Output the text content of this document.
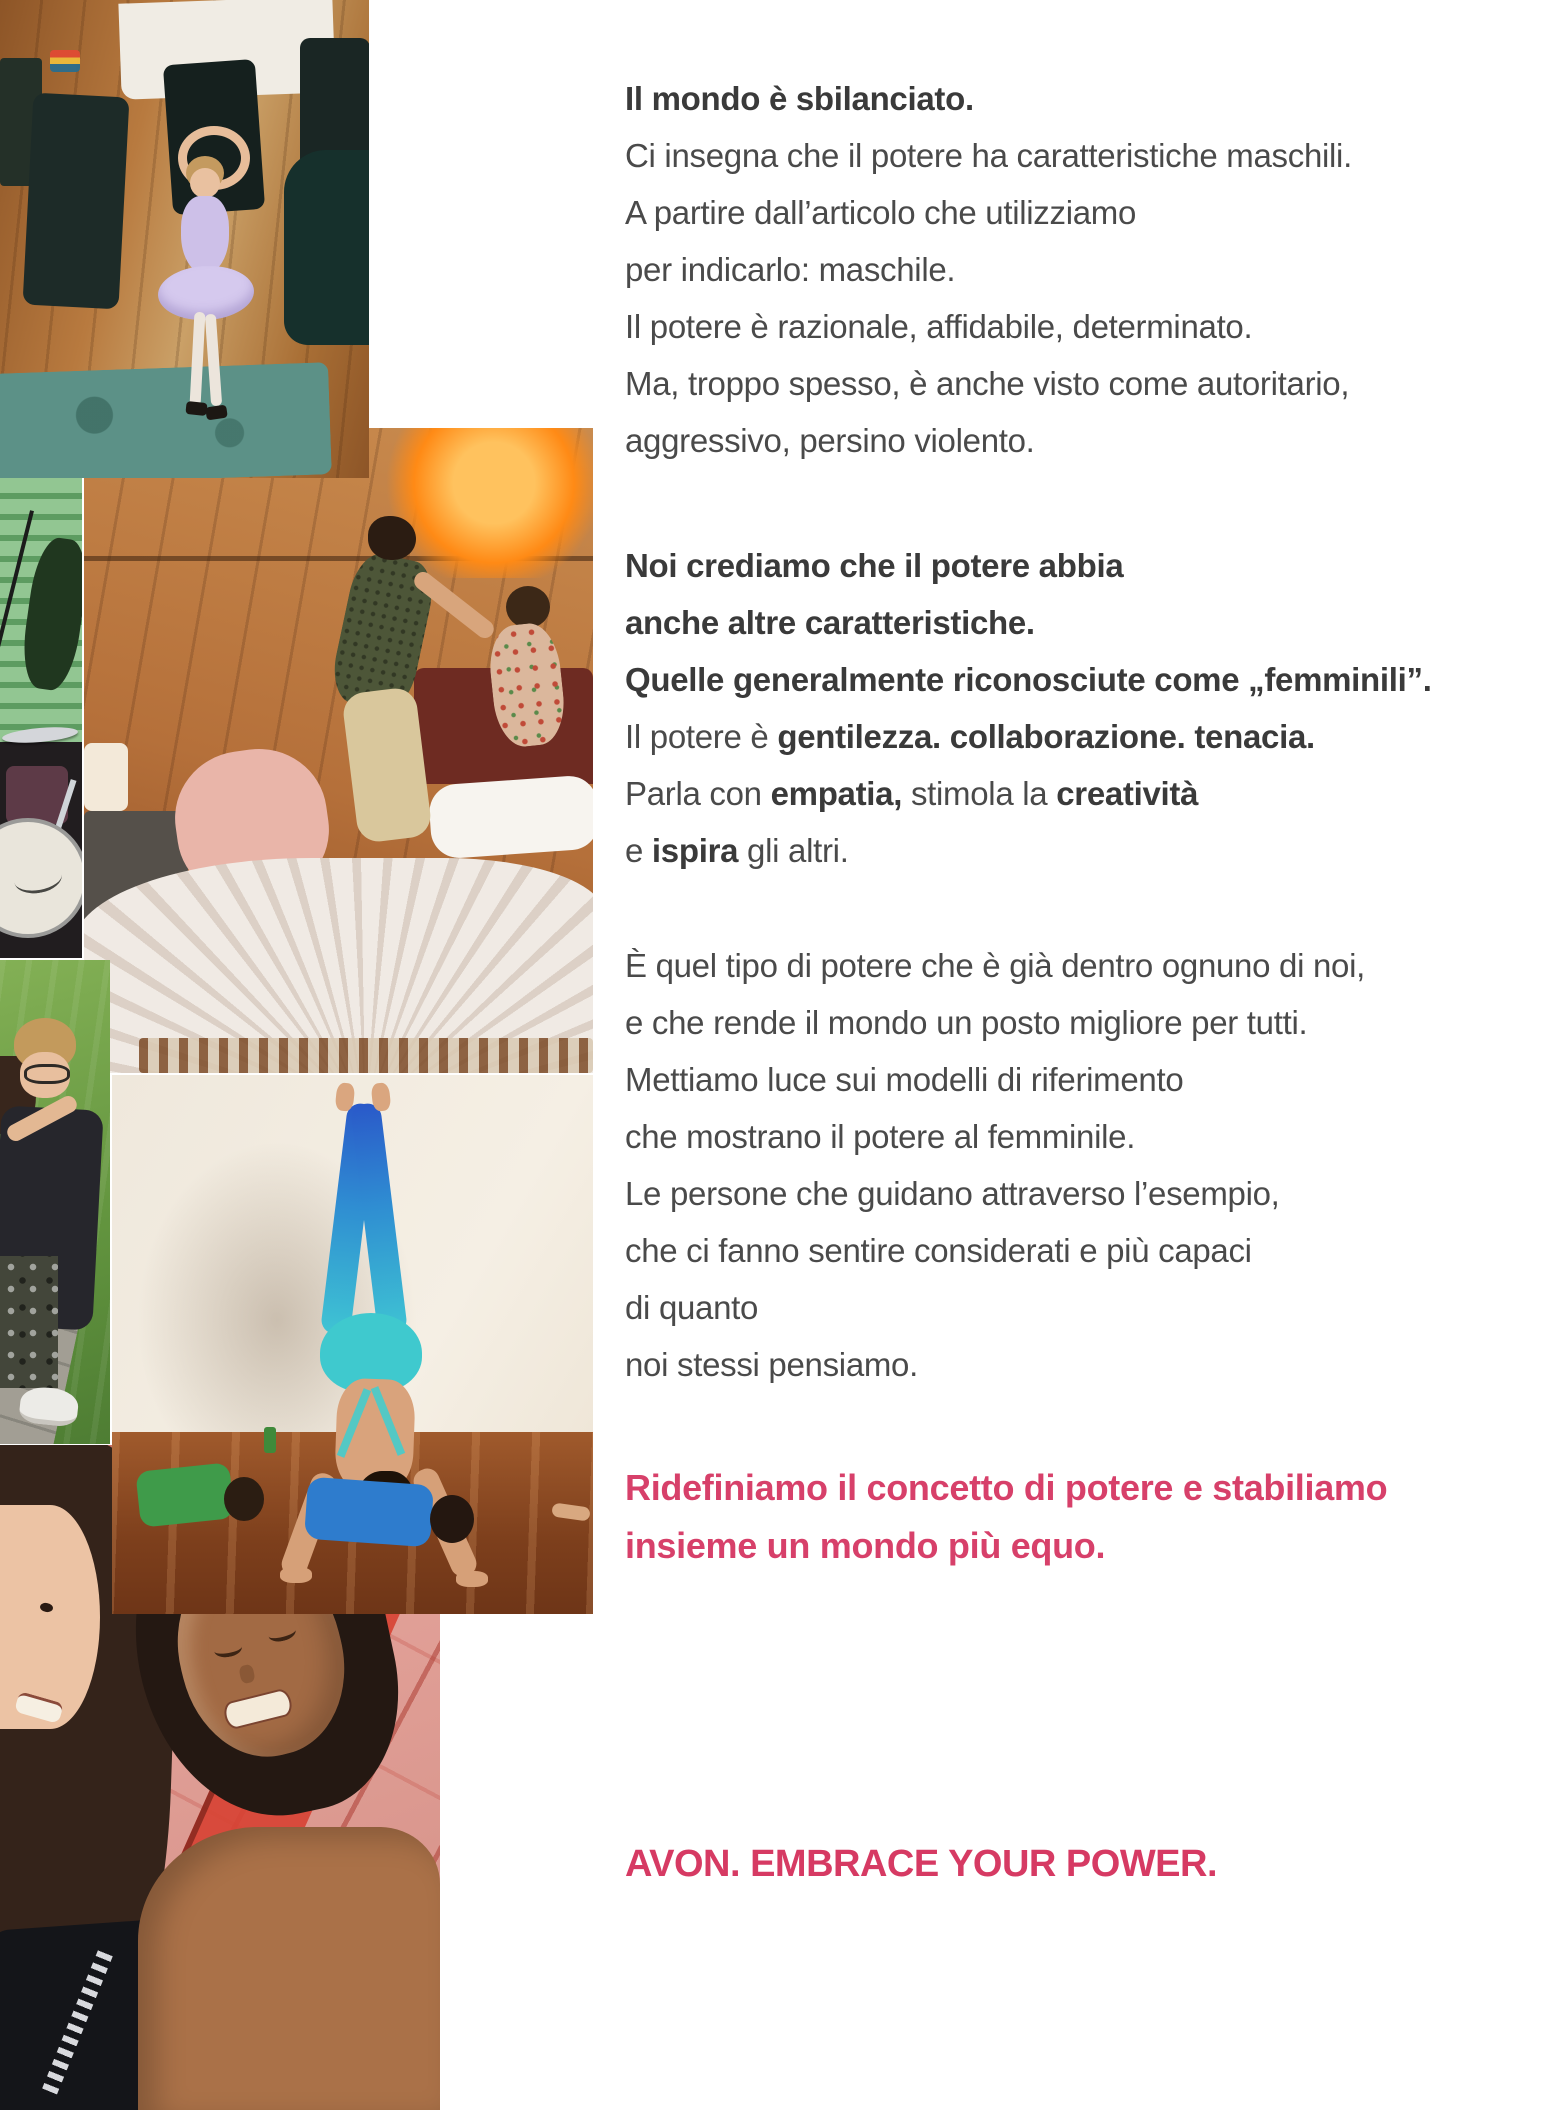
Il mondo è sbilanciato.
Ci insegna che il potere ha caratteristiche maschili.
A partire dall’articolo che utilizziamo
per indicarlo: maschile.
Il potere è razionale, affidabile, determinato.
Ma, troppo spesso, è anche visto come autoritario,
aggressivo, persino violento.
Noi crediamo che il potere abbia
anche altre caratteristiche.
Quelle generalmente riconosciute come „femminili”.
Il potere è gentilezza. collaborazione. tenacia.
Parla con empatia, stimola la creatività
e ispira gli altri.
È quel tipo di potere che è già dentro ognuno di noi,
e che rende il mondo un posto migliore per tutti.
Mettiamo luce sui modelli di riferimento
che mostrano il potere al femminile.
Le persone che guidano attraverso l’esempio,
che ci fanno sentire considerati e più capaci
di quanto
noi stessi pensiamo.
Ridefiniamo il concetto di potere e stabiliamo
insieme un mondo più equo.

AVON. EMBRACE YOUR POWER.
